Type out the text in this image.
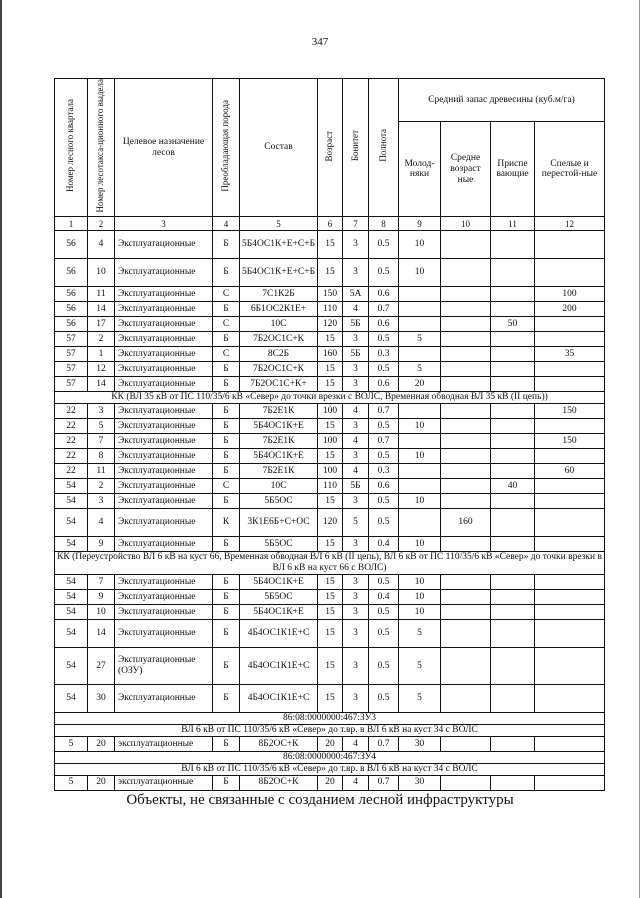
347
Номер лесного квартала	Номер лесотакса-ционного выдела	Целевое назначение лесов	Преобладающая порода	Состав	Возраст	Бонитет	Полнота	Средний запас древесины (куб.м/га)			
								Молод-няки	Средне возраст ные	Приспе вающие	Спелые и перестой-ные
1	2	3	4	5	6	7	8	9	10	11	12
56	4	Эксплуатационные	Б	5Б4ОС1К+Е+С+Б	15	3	0.5	10			
56	10	Эксплуатационные	Б	5Б4ОС1К+Е+С+Б	15	3	0.5	10			
56	11	Эксплуатационные	С	7С1К2Б	150	5А	0.6				100
56	14	Эксплуатационные	Б	6Б1ОС2К1Е+	110	4	0.7				200
56	17	Эксплуатационные	С	10С	120	5Б	0.6			50	
57	2	Эксплуатационные	Б	7Б2ОС1С+К	15	3	0.5	5			
57	1	Эксплуатационные	С	8С2Б	160	5Б	0.3				35
57	12	Эксплуатационные	Б	7Б2ОС1С+К	15	3	0.5	5			
57	14	Эксплуатационные	Б	7Б2ОС1С+К+	15	3	0.6	20			
КК (ВЛ 35 кВ от ПС 110/35/6 кВ «Север» до точки врезки с ВОЛС, Временная обводная ВЛ 35 кВ (II цепь))											
22	3	Эксплуатационные	Б	7Б2Е1К	100	4	0.7				150
22	5	Эксплуатационные	Б	5Б4ОС1К+Е	15	3	0.5	10			
22	7	Эксплуатационные	Б	7Б2Е1К	100	4	0.7				150
22	8	Эксплуатационные	Б	5Б4ОС1К+Е	15	3	0.5	10			
22	11	Эксплуатационные	Б	7Б2Е1К	100	4	0.3				60
54	2	Эксплуатационные	С	10С	110	5Б	0.6			40	
54	3	Эксплуатационные	Б	5Б5ОС	15	3	0.5	10			
54	4	Эксплуатационные	К	3К1Е6Б+С+ОС	120	5	0.5		160		
54	9	Эксплуатационные	Б	5Б5ОС	15	3	0.4	10			
КК (Переустройство ВЛ 6 кВ на куст 66, Временная обводная ВЛ 6 кВ (II цепь), ВЛ 6 кВ от ПС 110/35/6 кВ «Север» до точки врезки в ВЛ 6 кВ на куст 66 с ВОЛС)											
54	7	Эксплуатационные	Б	5Б4ОС1К+Е	15	3	0.5	10			
54	9	Эксплуатационные	Б	5Б5ОС	15	3	0.4	10			
54	10	Эксплуатационные	Б	5Б4ОС1К+Е	15	3	0.5	10			
54	14	Эксплуатационные	Б	4Б4ОС1К1Е+С	15	3	0.5	5			
54	27	Эксплуатационные (ОЗУ)	Б	4Б4ОС1К1Е+С	15	3	0.5	5			
54	30	Эксплуатационные	Б	4Б4ОС1К1Е+С	15	3	0.5	5			
86:08:0000000:467:ЗУ3											
ВЛ 6 кВ от ПС 110/35/6 кВ «Север» до т.вр. в ВЛ 6 кВ на куст 34 с ВОЛС											
5	20	эксплуатационные	Б	8Б2ОС+К	20	4	0.7	30			
86:08:0000000:467:ЗУ4											
ВЛ 6 кВ от ПС 110/35/6 кВ «Север» до т.вр. в ВЛ 6 кВ на куст 34 с ВОЛС											
5	20	эксплуатационные	Б	8Б2ОС+К	20	4	0.7	30			
Объекты, не связанные с созданием лесной инфраструктуры
